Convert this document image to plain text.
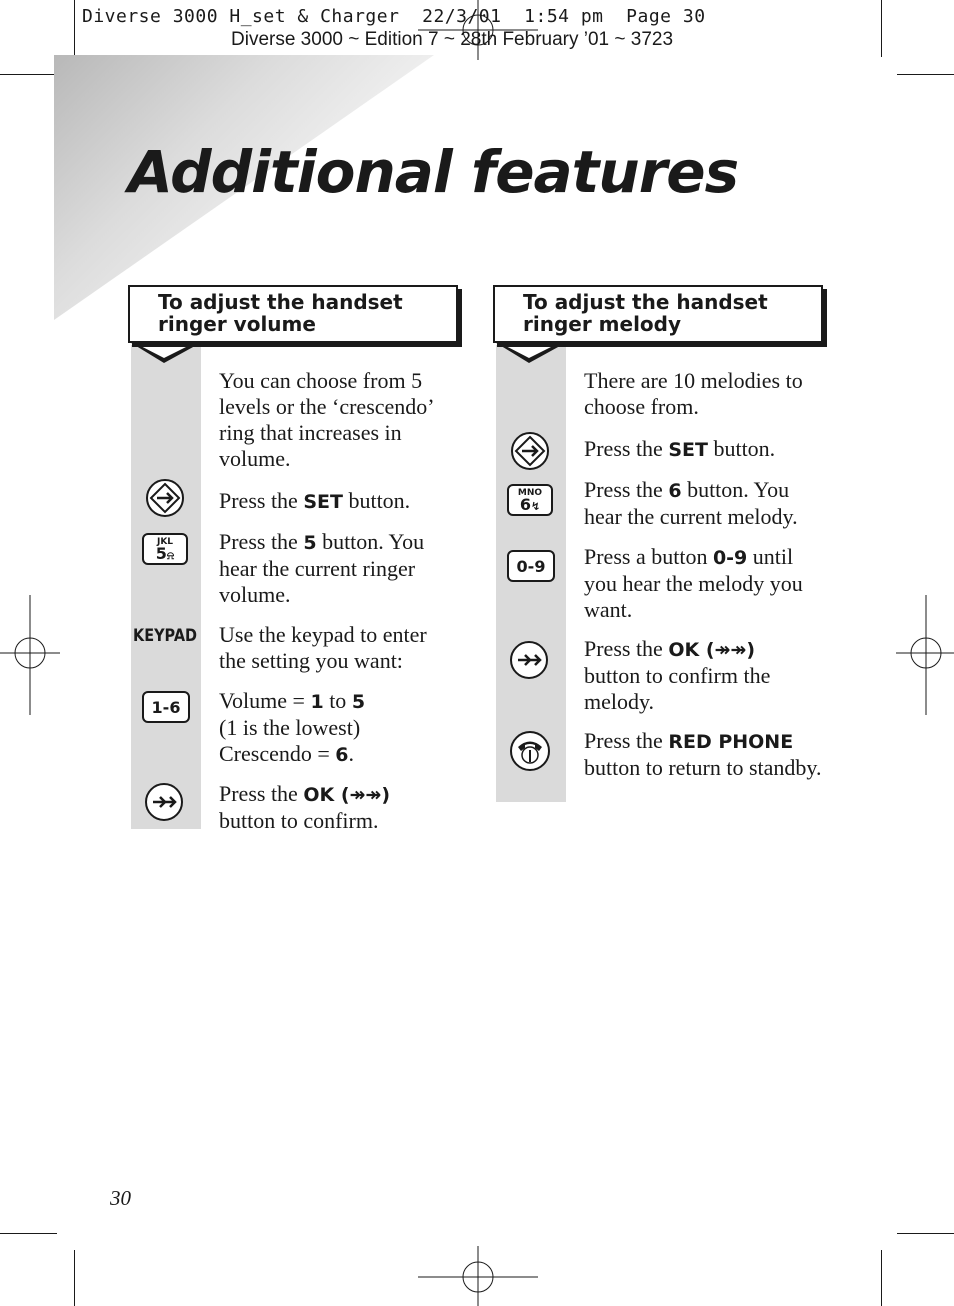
Diverse 3000 H_set & Charger  22/3/01  1:54 pm  Page 30
Diverse 3000 ~ Edition 7 ~ 28th February ’01 ~ 3723
Additional features
To adjust the handset ringer volume
You can choose from 5 levels or the ‘crescendo’ ring that increases in volume.
Press the SET button.
JKL
5⍾
Press the 5 button. You hear the current ringer volume.
KEYPAD Use the keypad to enter the setting you want:
1-6	Volume = 1 to 5
(1 is the lowest)
Crescendo = 6.
Press the OK (↠↠)
button to confirm.
To adjust the handset ringer melody
There are 10 melodies to choose from.
Press the SET button.
MNO
6↯
Press the 6 button. You hear the current melody.
0-9	Press a button 0-9 until you hear the melody you want.
Press the OK (↠↠)
button to confirm the melody.
Press the RED PHONE
button to return to standby.
30
